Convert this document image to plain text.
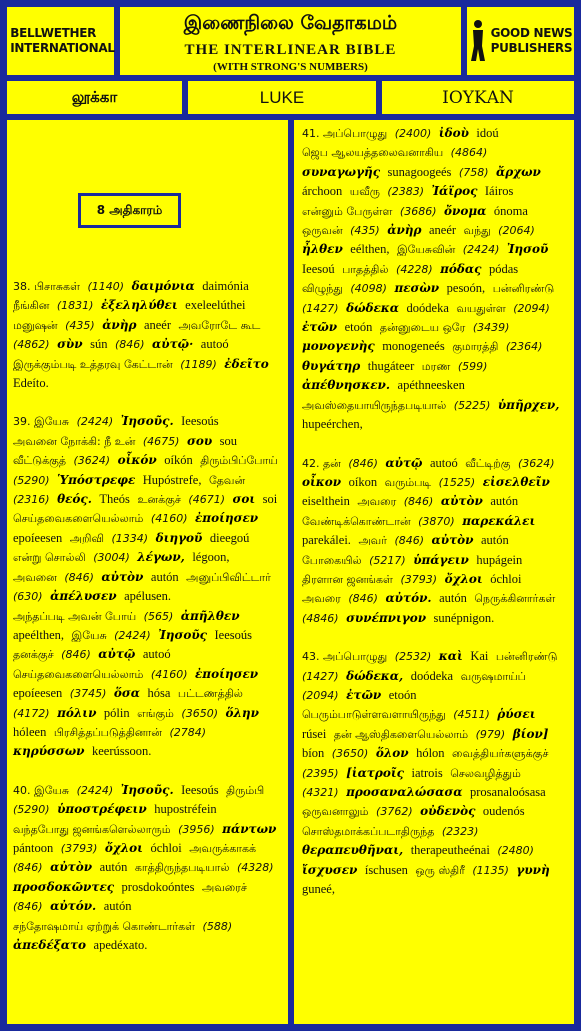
BELLWETHER
INTERNATIONAL
இணைநிலை வேதாகமம்
THE INTERLINEAR BIBLE
(WITH STRONG'S NUMBERS)
GOOD NEWS
PUBLISHERS
லூக்கா	LUKE	ΙΟΥΚΑΝ
8 அதிகாரம்

38. பிசாசுகள் (1140) δαιμόνια daimónia நீங்கின (1831) ἐξεληλύθει exeleelúthei மனுஷன் (435) ἀνὴρ aneér அவரோடே கூட (4862) σὺν sún (846) αὐτῷ· autoó இருக்கும்படி உத்தரவு கேட்டான் (1189) ἐδεῖτο Edeíto.

39. இயேசு (2424) Ἰησοῦς. Ieesoús அவனை நோக்கி: நீ உன் (4675) σου sou வீட்டுக்குத் (3624) οἶκόν oíkón திரும்பிப்போய் (5290) Ὑπόστρεφε Hupóstrefe, தேவன் (2316) θεός. Theós உனக்குச் (4671) σοι soi செய்தவைகளையெல்லாம் (4160) ἐποίησεν epoíeesen அறிவி (1334) διηγοῦ dieegoú என்று சொல்லி (3004) λέγων, légoon, அவனை (846) αὐτὸν autón அனுப்பிவிட்டார் (630) ἀπέλυσεν apélusen. அந்தப்படி அவன் போய் (565) ἀπῆλθεν apeélthen, இயேசு (2424) Ἰησοῦς Ieesoús தனக்குச் (846) αὐτῷ autoó செய்தவைகளையெல்லாம் (4160) ἐποίησεν epoíeesen (3745) ὅσα hósa பட்டணத்தில் (4172) πόλιν pólin எங்கும் (3650) ὅλην hóleen பிரசித்தப்படுத்தினான் (2784) κηρύσσων keerússoon.

40. இயேசு (2424) Ἰησοῦς. Ieesoús திரும்பி (5290) ὑποστρέφειν hupostréfein வந்தபோது ஜனங்களெல்லாரும் (3956) πάντων pántoon (3793) ὄχλοι óchloi அவருக்காகக் (846) αὐτὸν autón காத்திருந்தபடியால் (4328) προσδοκῶντες prosdokoóntes அவரைச் (846) αὐτόν. autón சந்தோஷமாய் ஏற்றுக் கொண்டார்கள் (588) ἀπεδέξατο apedéxato.

41. அப்பொழுது (2400) ἰδοὺ idoú ஜெப ஆலயத்தலைவனாகிய (4864) συναγωγῆς sunagoogeés (758) ἄρχων árchoon யவீரு (2383) Ἰάϊρος Iáiros என்னும் பேருள்ள (3686) ὄνομα ónoma ஒருவன் (435) ἀνὴρ aneér வந்து (2064) ἦλθεν eélthen, இயேசுவின் (2424) Ἰησοῦ Ieesoú பாதத்தில் (4228) πόδας pódas விழுந்து (4098) πεσὼν pesoón, பன்னிரண்டு (1427) δώδεκα doódeka வயதுள்ள (2094) ἐτῶν etoón தன்னுடைய ஒரே (3439) μονογενὴς monogeneés குமாரத்தி (2364) θυγάτηρ thugáteer மரண (599) ἀπέθνησκεν. apéthneesken அவஸ்தையாயிருந்தபடியால் (5225) ὑπῆρχεν, hupeérchen,

42. தன் (846) αὐτῷ autoó வீட்டிற்கு (3624) οἶκον oíkon வரும்படி (1525) εἰσελθεῖν eiselthein அவரை (846) αὐτὸν autón வேண்டிக்கொண்டான் (3870) παρεκάλει parekálei. அவர் (846) αὐτὸν autón போகையில் (5217) ὑπάγειν hupágein திரளான ஜனங்கள் (3793) ὄχλοι óchloi அவரை (846) αὐτόν. autón நெருக்கினார்கள் (4846) συνέπνιγον sunépnigon.

43. அப்பொழுது (2532) καὶ Kai பன்னிரண்டு (1427) δώδεκα, doódeka வருஷமாய்ப் (2094) ἐτῶν etoón பெரும்பாடுள்ளவளாயிருந்து (4511) ῥύσει rúsei தன் ஆஸ்திகளையெல்லாம் (979) βίον] bíon (3650) ὅλον hólon வைத்தியர்களுக்குச் (2395) [ἰατροῖς iatrois செலவழித்தும் (4321) προσαναλώσασα prosanaloósasa ஒருவனாலும் (3762) οὐδενὸς oudenós சொஸ்தமாக்கப்படாதிருந்த (2323) θεραπευθῆναι, therapeutheénai (2480) ἴσχυσεν íschusen ஒரு ஸ்திரீ (1135) γυνὴ guneé,
